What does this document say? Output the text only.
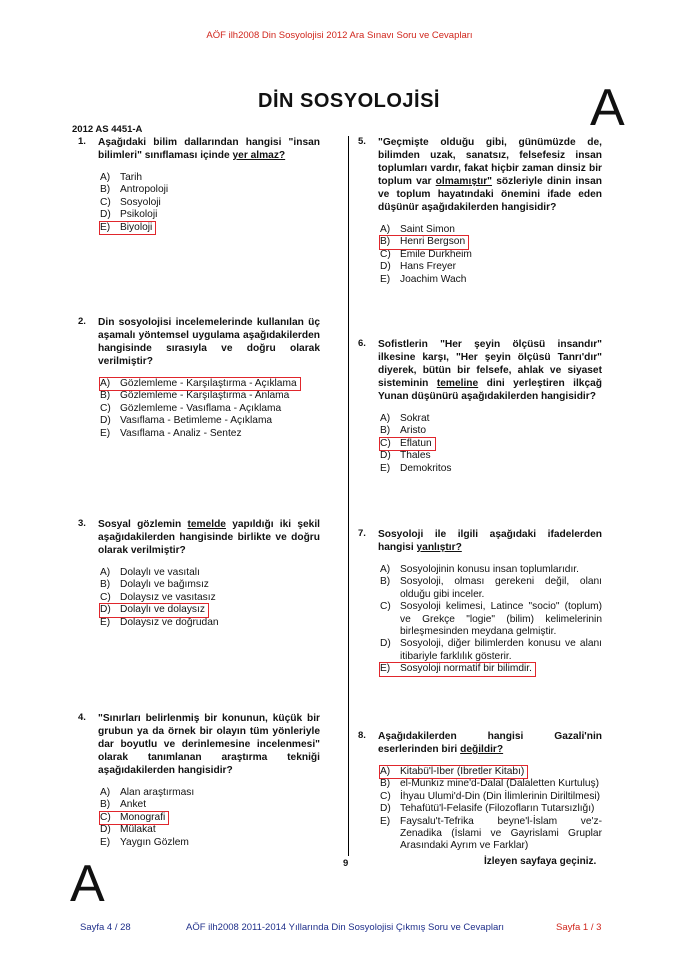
AÖF ilh2008 Din Sosyolojisi 2012 Ara Sınavı Soru ve Cevapları
DİN SOSYOLOJİSİ	A
2012 AS 4451-A
1. Aşağıdaki bilim dallarından hangisi "insan bilimleri" sınıflaması içinde yer almaz?
A) Tarih
B) Antropoloji
C) Sosyoloji
D) Psikoloji
E) Biyoloji
2. Din sosyolojisi incelemelerinde kullanılan üç aşamalı yöntemsel uygulama aşağıdakilerden hangisinde sırasıyla ve doğru olarak verilmiştir?
A) Gözlemleme - Karşılaştırma - Açıklama
B) Gözlemleme - Karşılaştırma - Anlama
C) Gözlemleme - Vasıflama - Açıklama
D) Vasıflama - Betimleme - Açıklama
E) Vasıflama - Analiz - Sentez
3. Sosyal gözlemin temelde yapıldığı iki şekil aşağıdakilerden hangisinde birlikte ve doğru olarak verilmiştir?
A) Dolaylı ve vasıtalı
B) Dolaylı ve bağımsız
C) Dolaysız ve vasıtasız
D) Dolaylı ve dolaysız
E) Dolaysız ve doğrudan
4. "Sınırları belirlenmiş bir konunun, küçük bir grubun ya da örnek bir olayın tüm yönleriyle dar boyutlu ve derinlemesine incelenmesi" olarak tanımlanan araştırma tekniği aşağıdakilerden hangisidir?
A) Alan araştırması
B) Anket
C) Monografi
D) Mülakat
E) Yaygın Gözlem
5. "Geçmişte olduğu gibi, günümüzde de, bilimden uzak, sanatsız, felsefesiz insan toplumları vardır, fakat hiçbir zaman dinsiz bir toplum var olmamıştır" sözleriyle dinin insan ve toplum hayatındaki önemini ifade eden düşünür aşağıdakilerden hangisidir?
A) Saint Simon
B) Henri Bergson
C) Emile Durkheim
D) Hans Freyer
E) Joachim Wach
6. Sofistlerin "Her şeyin ölçüsü insandır" ilkesine karşı, "Her şeyin ölçüsü Tanrı'dır" diyerek, bütün bir felsefe, ahlak ve siyaset sisteminin temeline dini yerleştiren ilkçağ Yunan düşünürü aşağıdakilerden hangisidir?
A) Sokrat
B) Aristo
C) Eflatun
D) Thales
E) Demokritos
7. Sosyoloji ile ilgili aşağıdaki ifadelerden hangisi yanlıştır?
A) Sosyolojinin konusu insan toplumlarıdır.
B) Sosyoloji, olması gerekeni değil, olanı olduğu gibi inceler.
C) Sosyoloji kelimesi, Latince "socio" (toplum) ve Grekçe "logie" (bilim) kelimelerinin birleşmesinden meydana gelmiştir.
D) Sosyoloji, diğer bilimlerden konusu ve alanı itibariyle farklılık gösterir.
E) Sosyoloji normatif bir bilimdir.
8. Aşağıdakilerden hangisi Gazali'nin eserlerinden biri değildir?
A) Kitabü'l-İber (İbretler Kitabı)
B) el-Munkız mine'd-Dalal (Dalaletten Kurtuluş)
C) İhyau Ulumi'd-Din (Din İlimlerinin Diriltilmesi)
D) Tehafütü'l-Felasife (Filozofların Tutarsızlığı)
E) Faysalu't-Tefrika beyne'l-İslam ve'z-Zenadika (İslami ve Gayrislami Gruplar Arasındaki Ayrım ve Farklar)
9	İzleyen sayfaya geçiniz.
A
Sayfa 4 / 28	AÖF ilh2008 2011-2014 Yıllarında Din Sosyolojisi Çıkmış Soru ve Cevapları	Sayfa 1 / 3
